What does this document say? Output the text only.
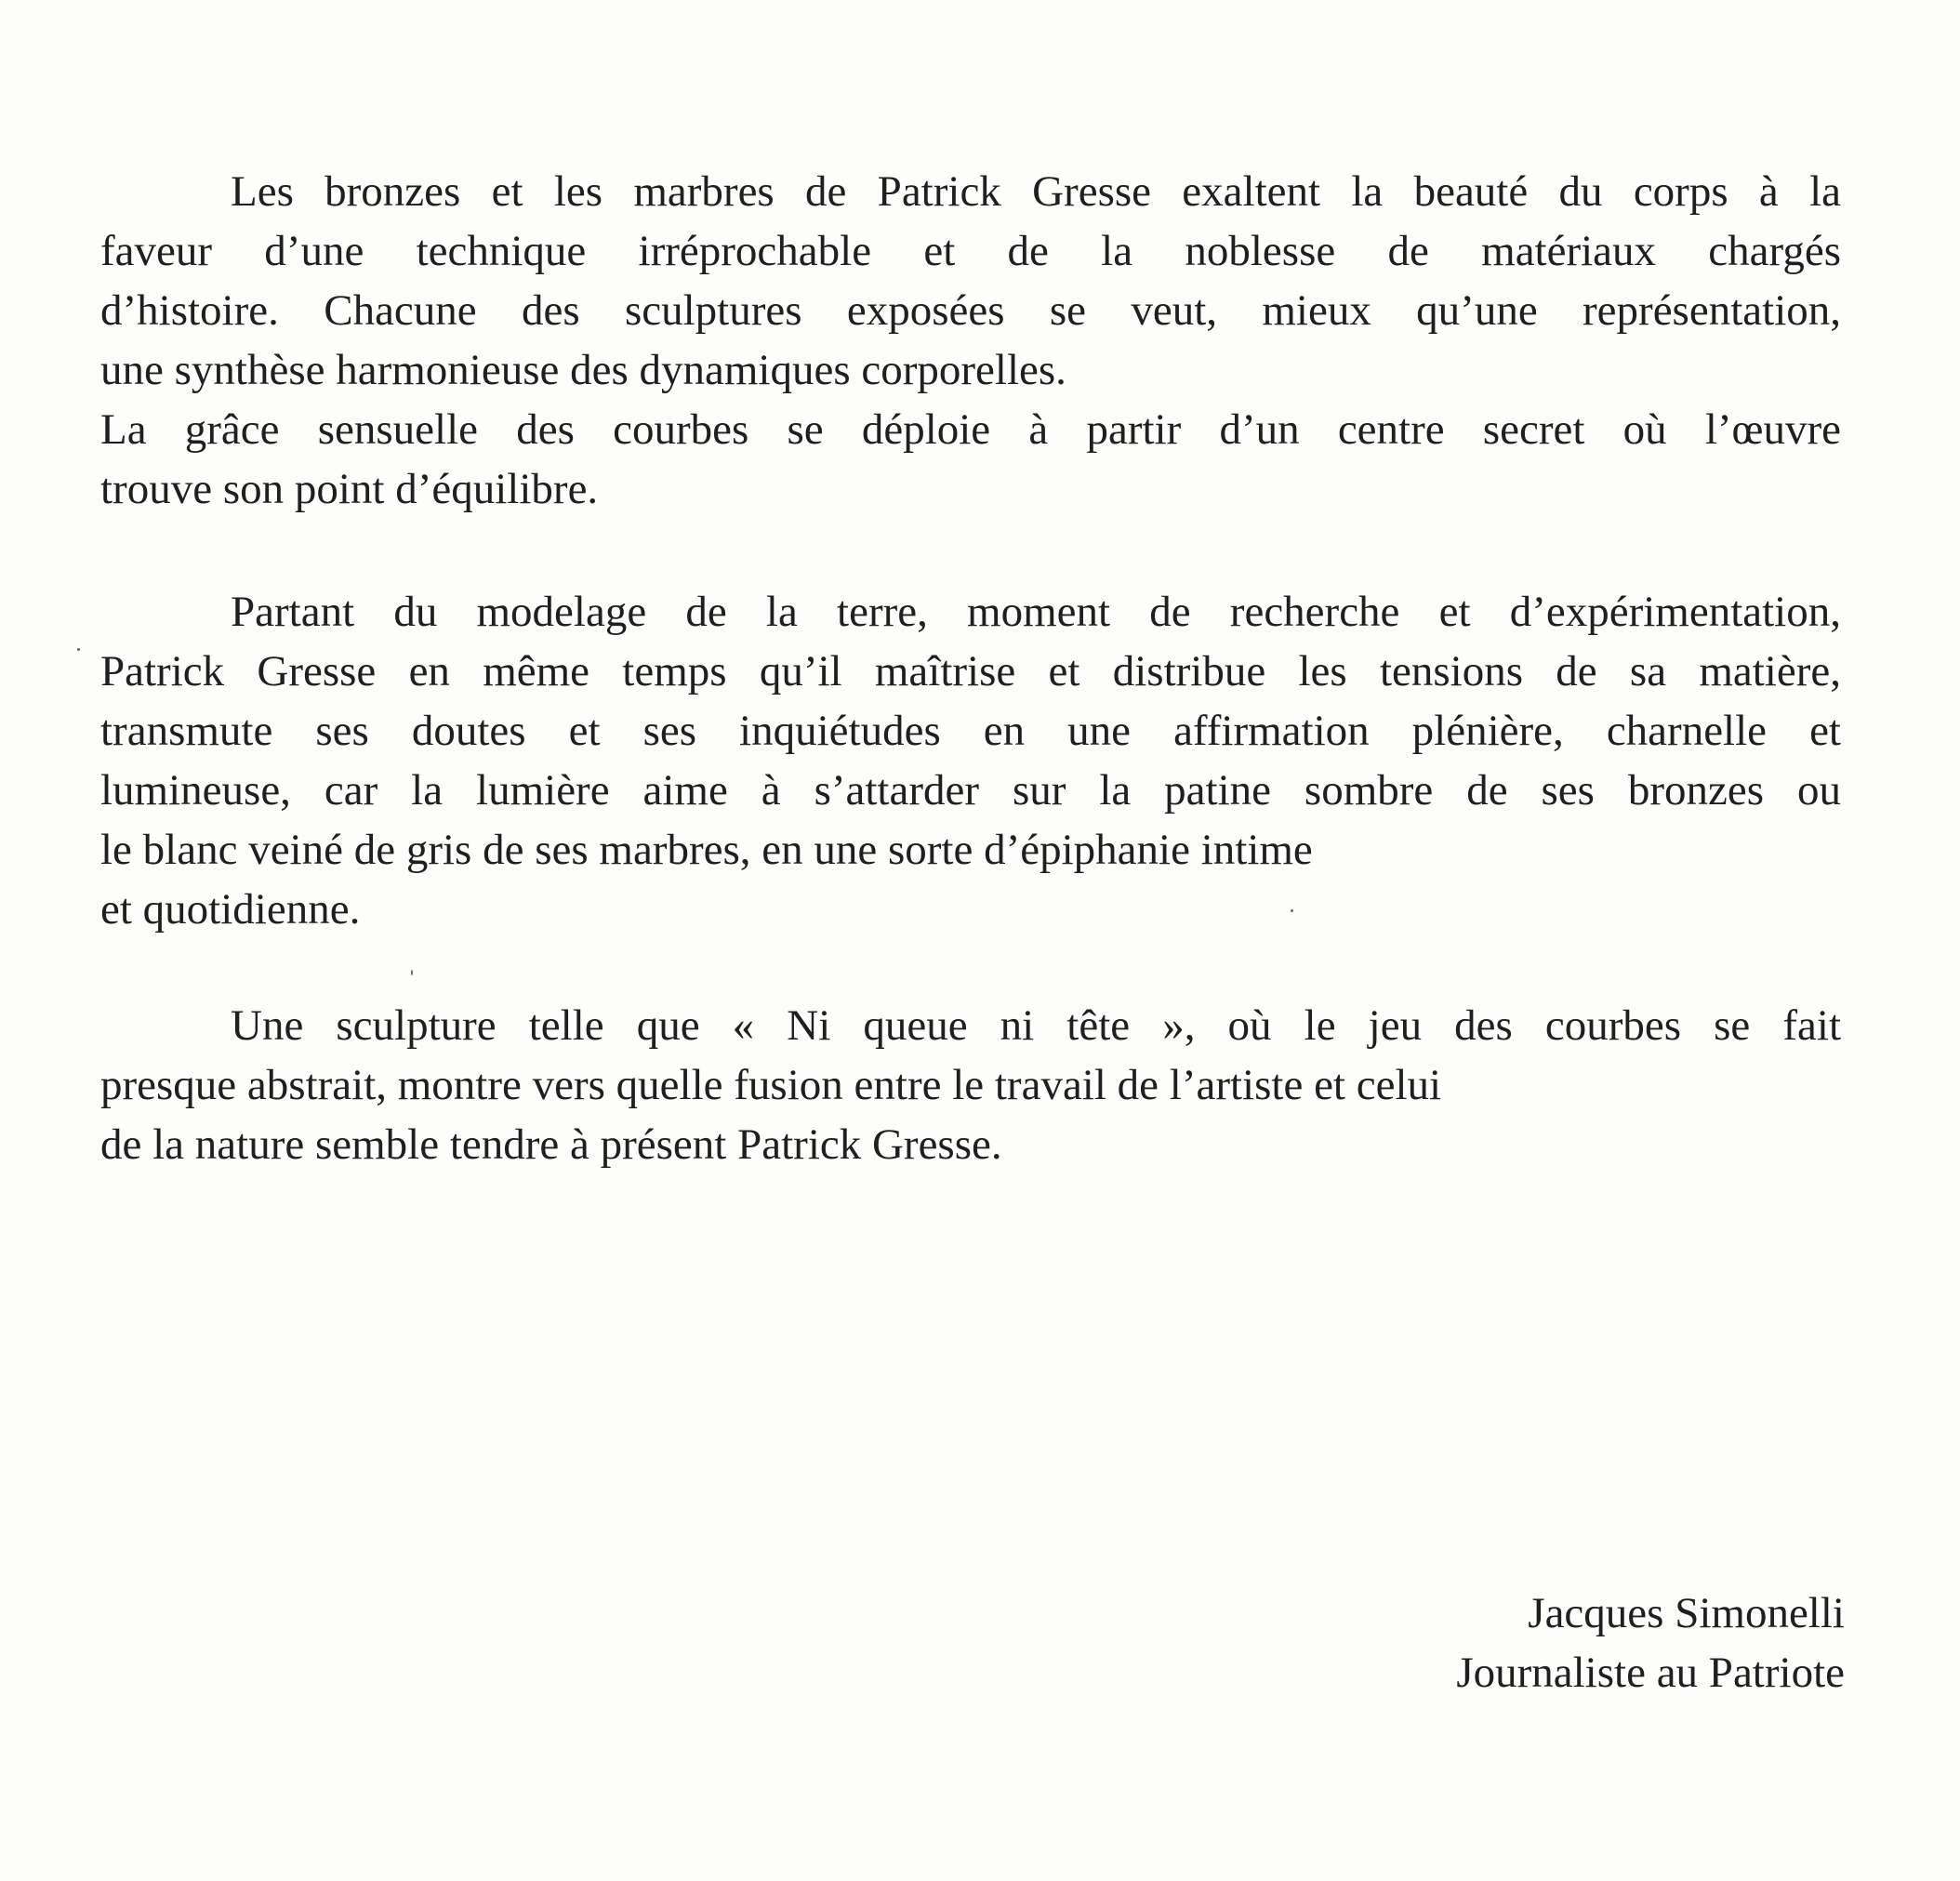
Les bronzes et les marbres de Patrick Gresse exaltent la beauté du corps à la
faveur d’une technique irréprochable et de la noblesse de matériaux chargés
d’histoire. Chacune des sculptures exposées se veut, mieux qu’une représentation,
une synthèse harmonieuse des dynamiques corporelles.
La grâce sensuelle des courbes se déploie à partir d’un centre secret où l’œuvre
trouve son point d’équilibre.

Partant du modelage de la terre, moment de recherche et d’expérimentation,
Patrick Gresse en même temps qu’il maîtrise et distribue les tensions de sa matière,
transmute ses doutes et ses inquiétudes en une affirmation plénière, charnelle et
lumineuse, car la lumière aime à s’attarder sur la patine sombre de ses bronzes ou
le blanc veiné de gris de ses marbres, en une sorte d’épiphanie intime
et quotidienne.

Une sculpture telle que « Ni queue ni tête », où le jeu des courbes se fait
presque abstrait, montre vers quelle fusion entre le travail de l’artiste et celui
de la nature semble tendre à présent Patrick Gresse.

Jacques Simonelli
Journaliste au Patriote
